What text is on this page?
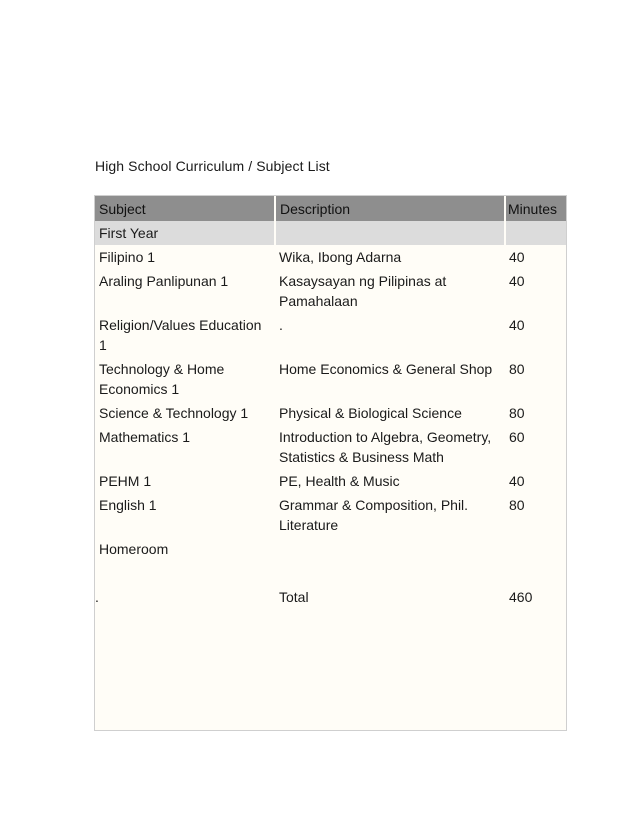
High School Curriculum / Subject List
Subject	Description	Minutes
First Year		
Filipino 1	Wika, Ibong Adarna	40
Araling Panlipunan 1	Kasaysayan ng Pilipinas at Pamahalaan	40
Religion/Values Education 1	.	40
Technology & Home Economics 1	Home Economics & General Shop	80
Science & Technology 1	Physical & Biological Science	80
Mathematics 1	Introduction to Algebra, Geometry, Statistics & Business Math	60
PEHM 1	PE, Health & Music	40
English 1	Grammar & Composition, Phil. Literature	80
Homeroom		

.	Total	460
